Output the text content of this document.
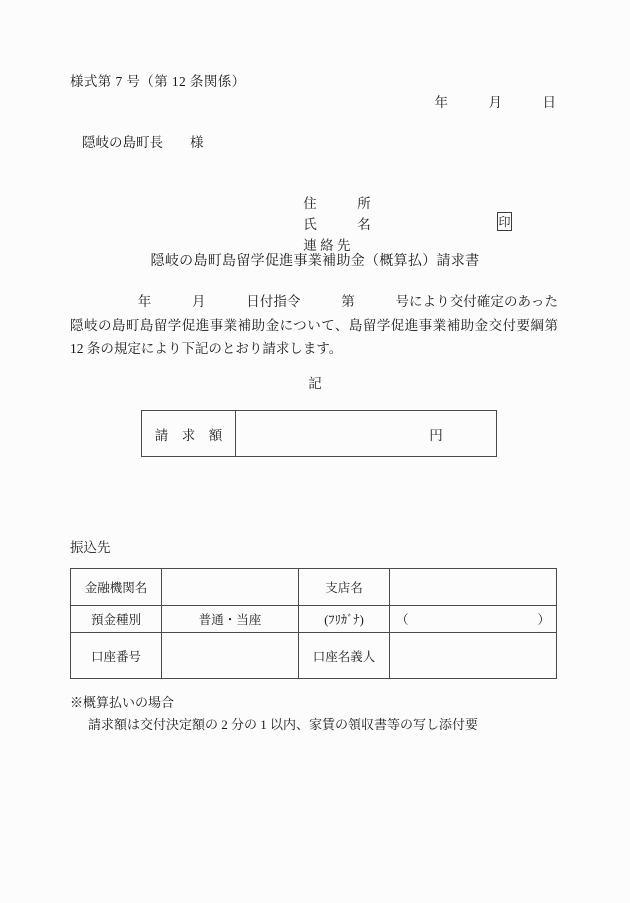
様式第 7 号（第 12 条関係）
年　　　月　　　日
隠岐の島町長　　様

住　　　所

氏　　　名
	印

連 絡 先

隠岐の島町島留学促進事業補助金（概算払）請求書
　　　　　年　　　月　　　日付指令　　　第　　　号により交付確定のあった隠岐の島町島留学促進事業補助金について、島留学促進事業補助金交付要綱第 12 条の規定により下記のとおり請求します。
記
請　求　額	円
振込先
金融機関名		支店名	
預金種別	普通・当座	(ﾌﾘｶﾞﾅ)	（ ）

口座番号		口座名義人	
※概算払いの場合
請求額は交付決定額の 2 分の 1 以内、家賃の領収書等の写し添付要
